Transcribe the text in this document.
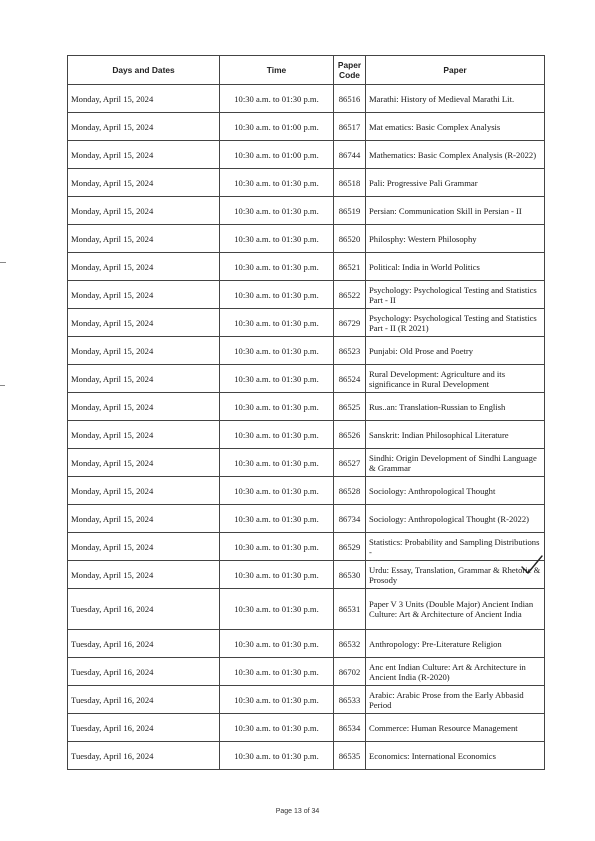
Days and Dates	Time	Paper Code	Paper
Monday, April 15, 2024	10:30 a.m. to 01:30 p.m.	86516	Marathi: History of Medieval Marathi Lit.
Monday, April 15, 2024	10:30 a.m. to 01:00 p.m.	86517	Mat ematics: Basic Complex Analysis
Monday, April 15, 2024	10:30 a.m. to 01:00 p.m.	86744	Mathematics: Basic Complex Analysis (R-2022)
Monday, April 15, 2024	10:30 a.m. to 01:30 p.m.	86518	Pali: Progressive Pali Grammar
Monday, April 15, 2024	10:30 a.m. to 01:30 p.m.	86519	Persian: Communication Skill in Persian - II
Monday, April 15, 2024	10:30 a.m. to 01:30 p.m.	86520	Philosphy: Western Philosophy
Monday, April 15, 2024	10:30 a.m. to 01:30 p.m.	86521	Political: India in World Politics
Monday, April 15, 2024	10:30 a.m. to 01:30 p.m.	86522	Psychology: Psychological Testing and Statistics Part - II
Monday, April 15, 2024	10:30 a.m. to 01:30 p.m.	86729	Psychology: Psychological Testing and Statistics Part - II (R 2021)
Monday, April 15, 2024	10:30 a.m. to 01:30 p.m.	86523	Punjabi: Old Prose and Poetry
Monday, April 15, 2024	10:30 a.m. to 01:30 p.m.	86524	Rural Development: Agriculture and its significance in Rural Development
Monday, April 15, 2024	10:30 a.m. to 01:30 p.m.	86525	Rus..an: Translation-Russian to English
Monday, April 15, 2024	10:30 a.m. to 01:30 p.m.	86526	Sanskrit: Indian Philosophical Literature
Monday, April 15, 2024	10:30 a.m. to 01:30 p.m.	86527	Sindhi: Origin Development of Sindhi Language & Grammar
Monday, April 15, 2024	10:30 a.m. to 01:30 p.m.	86528	Sociology: Anthropological Thought
Monday, April 15, 2024	10:30 a.m. to 01:30 p.m.	86734	Sociology: Anthropological Thought (R-2022)
Monday, April 15, 2024	10:30 a.m. to 01:30 p.m.	86529	Statistics: Probability and Sampling Distributions -
Monday, April 15, 2024	10:30 a.m. to 01:30 p.m.	86530	Urdu: Essay, Translation, Grammar & Rhetoric & Prosody
Tuesday, April 16, 2024	10:30 a.m. to 01:30 p.m.	86531	Paper V 3 Units (Double Major) Ancient Indian Culture: Art & Architecture of Ancient India
Tuesday, April 16, 2024	10:30 a.m. to 01:30 p.m.	86532	Anthropology: Pre-Literature Religion
Tuesday, April 16, 2024	10:30 a.m. to 01:30 p.m.	86702	Anc ent Indian Culture: Art & Architecture in Ancient India (R-2020)
Tuesday, April 16, 2024	10:30 a.m. to 01:30 p.m.	86533	Arabic: Arabic Prose from the Early Abbasid Period
Tuesday, April 16, 2024	10:30 a.m. to 01:30 p.m.	86534	Commerce: Human Resource Management
Tuesday, April 16, 2024	10:30 a.m. to 01:30 p.m.	86535	Economics: International Economics
Page 13 of 34
